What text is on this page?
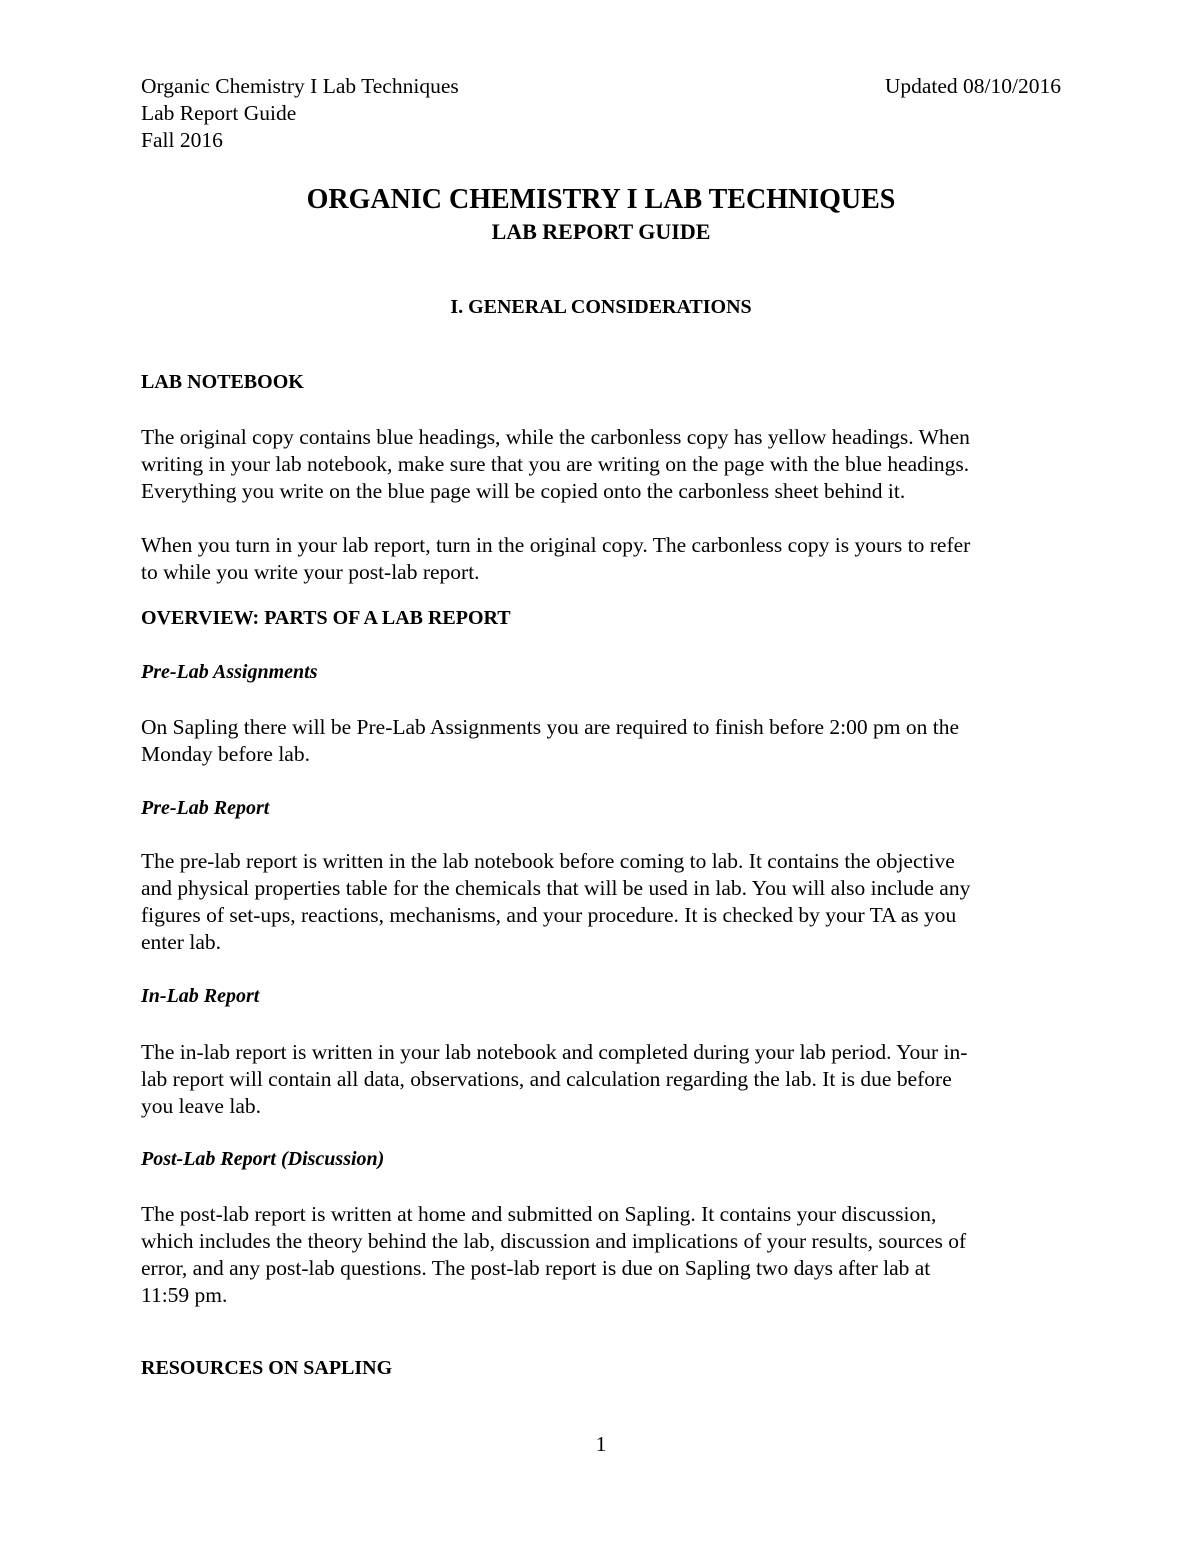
Organic Chemistry I Lab Techniques
Lab Report Guide
Fall 2016
Updated 08/10/2016
ORGANIC CHEMISTRY I LAB TECHNIQUES
LAB REPORT GUIDE
I. GENERAL CONSIDERATIONS
LAB NOTEBOOK

The original copy contains blue headings, while the carbonless copy has yellow headings. When

writing in your lab notebook, make sure that you are writing on the page with the blue headings.

Everything you write on the blue page will be copied onto the carbonless sheet behind it.

When you turn in your lab report, turn in the original copy. The carbonless copy is yours to refer

to while you write your post-lab report.

OVERVIEW: PARTS OF A LAB REPORT
Pre-Lab Assignments

On Sapling there will be Pre-Lab Assignments you are required to finish before 2:00 pm on the

Monday before lab.

Pre-Lab Report

The pre-lab report is written in the lab notebook before coming to lab. It contains the objective

and physical properties table for the chemicals that will be used in lab. You will also include any

figures of set-ups, reactions, mechanisms, and your procedure. It is checked by your TA as you

enter lab.

In-Lab Report

The in-lab report is written in your lab notebook and completed during your lab period. Your in-

lab report will contain all data, observations, and calculation regarding the lab. It is due before

you leave lab.

Post-Lab Report (Discussion)

The post-lab report is written at home and submitted on Sapling. It contains your discussion,

which includes the theory behind the lab, discussion and implications of your results, sources of

error, and any post-lab questions. The post-lab report is due on Sapling two days after lab at

11:59 pm.

RESOURCES ON SAPLING
1
